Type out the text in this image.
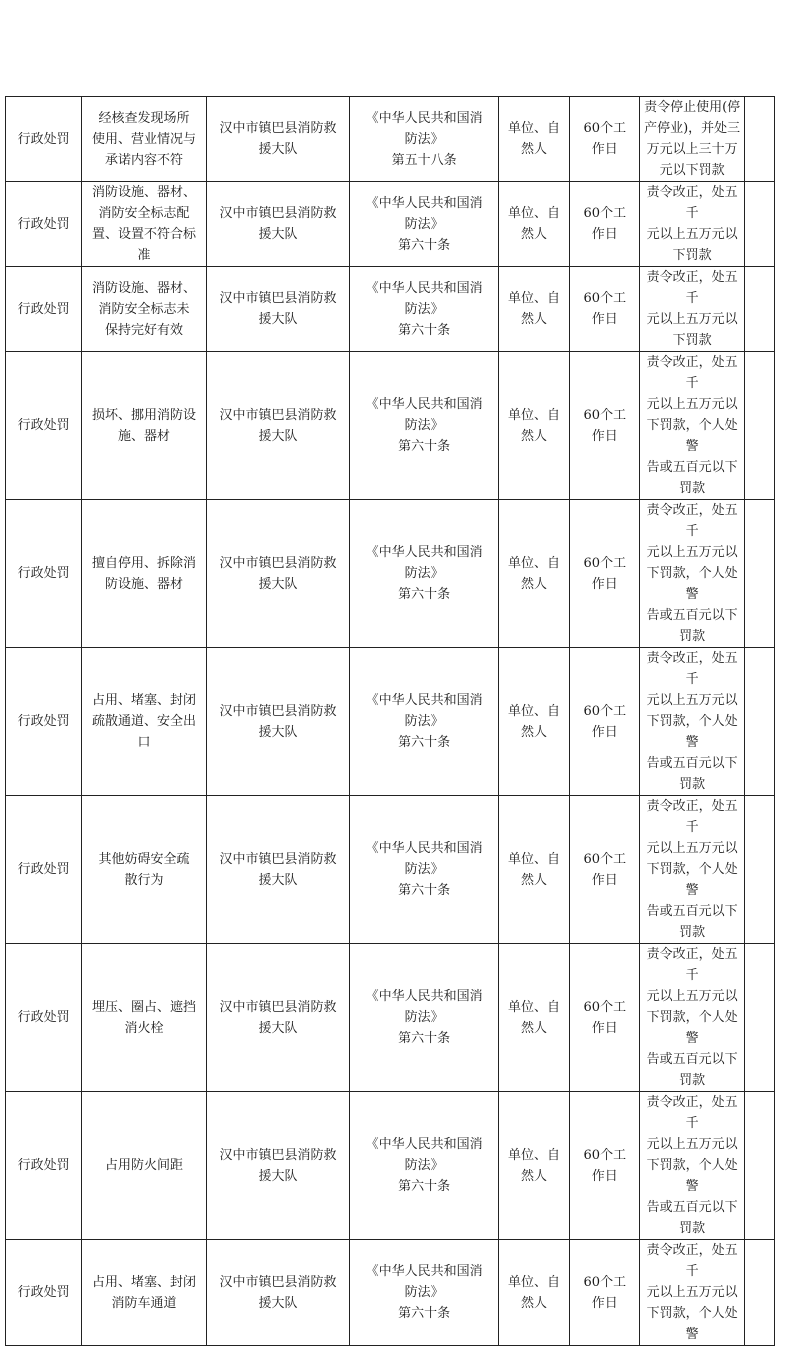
行政处罚	经核查发现场所
使用、营业情况与
承诺内容不符	汉中市镇巴县消防救
援大队	《中华人民共和国消
防法》
第五十八条	单位、自
然人	60个工
作日	责令停止使用(停
产停业)，并处三
万元以上三十万
元以下罚款	

行政处罚	消防设施、器材、
消防安全标志配
置、设置不符合标
准	汉中市镇巴县消防救
援大队	《中华人民共和国消
防法》
第六十条	单位、自
然人	60个工
作日	责令改正，处五千
元以上五万元以
下罚款	

行政处罚	消防设施、器材、
消防安全标志未
保持完好有效	汉中市镇巴县消防救
援大队	《中华人民共和国消
防法》
第六十条	单位、自
然人	60个工
作日	责令改正，处五千
元以上五万元以
下罚款	

行政处罚	损坏、挪用消防设
施、器材	汉中市镇巴县消防救
援大队	《中华人民共和国消
防法》
第六十条	单位、自
然人	60个工
作日	责令改正，处五千
元以上五万元以
下罚款，个人处警
告或五百元以下
罚款	

行政处罚	擅自停用、拆除消
防设施、器材	汉中市镇巴县消防救
援大队	《中华人民共和国消
防法》
第六十条	单位、自
然人	60个工
作日	责令改正，处五千
元以上五万元以
下罚款，个人处警
告或五百元以下
罚款	

行政处罚	占用、堵塞、封闭
疏散通道、安全出
口	汉中市镇巴县消防救
援大队	《中华人民共和国消
防法》
第六十条	单位、自
然人	60个工
作日	责令改正，处五千
元以上五万元以
下罚款，个人处警
告或五百元以下
罚款	

行政处罚	其他妨碍安全疏
散行为	汉中市镇巴县消防救
援大队	《中华人民共和国消
防法》
第六十条	单位、自
然人	60个工
作日	责令改正，处五千
元以上五万元以
下罚款，个人处警
告或五百元以下
罚款	

行政处罚	埋压、圈占、遮挡
消火栓	汉中市镇巴县消防救
援大队	《中华人民共和国消
防法》
第六十条	单位、自
然人	60个工
作日	责令改正，处五千
元以上五万元以
下罚款，个人处警
告或五百元以下
罚款	

行政处罚	占用防火间距	汉中市镇巴县消防救
援大队	《中华人民共和国消
防法》
第六十条	单位、自
然人	60个工
作日	责令改正，处五千
元以上五万元以
下罚款，个人处警
告或五百元以下
罚款	

行政处罚	占用、堵塞、封闭
消防车通道	汉中市镇巴县消防救
援大队	《中华人民共和国消
防法》
第六十条	单位、自
然人	60个工
作日	责令改正，处五千
元以上五万元以
下罚款，个人处警	
